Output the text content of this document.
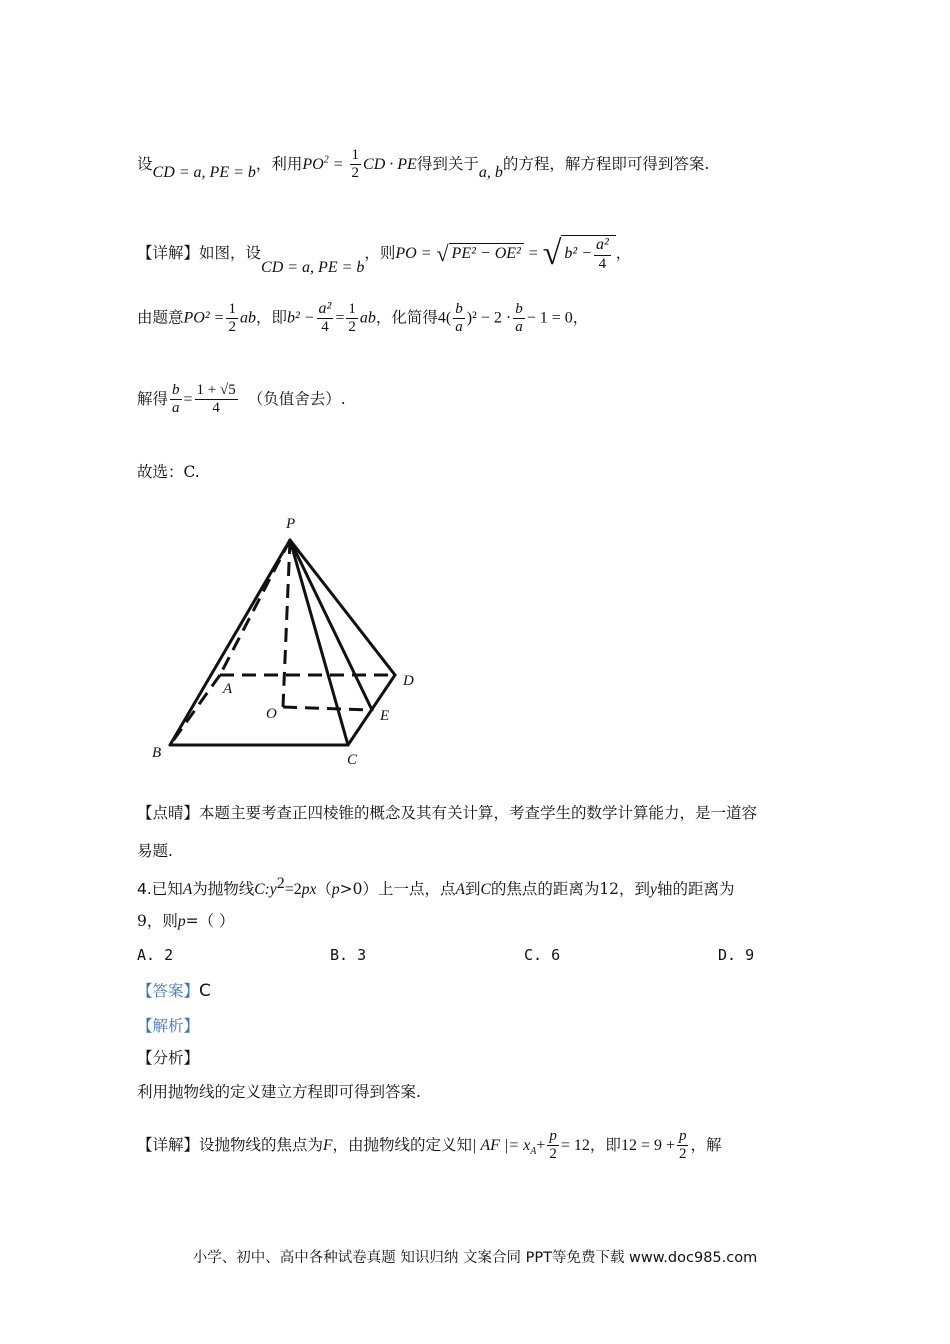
设CD = a, PE = b，利用$PO^2 = \frac{1}{2}$ CD · PE得到关于a, b的方程，解方程即可得到答案.
【详解】如图，设CD = a, PE = b，则PO = √ PE² − OE² = √ $b^2 - \frac{\text{a²}}{4}$ ，
由题意$PO^2 = \frac{1}{2}$ ab，即$b^2 - \frac{\text{a²}}{4} = \frac{1}{2}$ ab，化简得$4( \frac{b}{a} )^2 - 2 \cdot \frac{b}{a} - 1 = 0$，
解得 $\frac{b}{a} = \frac{1 + √5}{4}$ （负值舍去）.
故选：C.
P
A
B	C
D
E
O
【点晴】本题主要考查正四棱锥的概念及其有关计算，考查学生的数学计算能力，是一道容
易题.
4.已知A为抛物线$C:y^2=2px(p>0)$上一点，点A到C的焦点的距离为12，到y轴的距离为
9，则p=（ ）
A. 2	B. 3	C. 6	D. 9
【答案】C
【解析】
【分析】
利用抛物线的定义建立方程即可得到答案.
【详解】设抛物线的焦点为F，由抛物线的定义知| AF |= $x_A+ \frac{p}{2} = 12$，即$12 = 9 + \frac{p}{2}$ ，解
小学、初中、高中各种试卷真题 知识归纳 文案合同 PPT等免费下载 www.doc985.com
